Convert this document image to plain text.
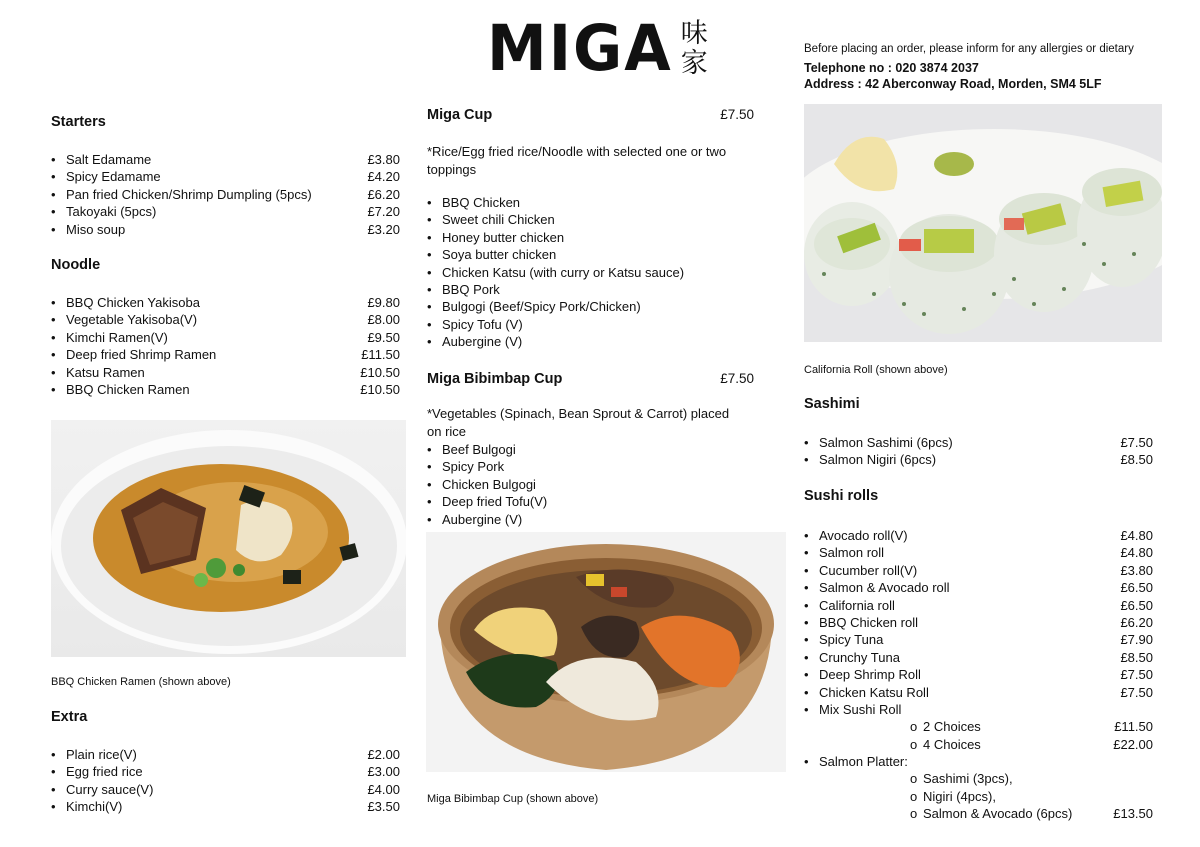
MIGA 味
家	Before placing an order, please inform for any allergies or dietary
Telephone no : 020 3874 2037
Address : 42 Aberconway Road, Morden, SM4 5LF
Starters
• Salt Edamame	£3.80
• Spicy Edamame	£4.20
• Pan fried Chicken/Shrimp Dumpling (5pcs)	£6.20
• Takoyaki (5pcs)	£7.20
• Miso soup	£3.20
Noodle
• BBQ Chicken Yakisoba	£9.80
• Vegetable Yakisoba(V)	£8.00
• Kimchi Ramen(V)	£9.50
• Deep fried Shrimp Ramen	£11.50
• Katsu Ramen	£10.50
• BBQ Chicken Ramen	£10.50
BBQ Chicken Ramen (shown above)
Extra
• Plain rice(V)	£2.00
• Egg fried rice	£3.00
• Curry sauce(V)	£4.00
• Kimchi(V)	£3.50
Miga Cup	£7.50
*Rice/Egg fried rice/Noodle with selected one or two toppings
• BBQ Chicken
• Sweet chili Chicken
• Honey butter chicken
• Soya butter chicken
• Chicken Katsu (with curry or Katsu sauce)
• BBQ Pork
• Bulgogi (Beef/Spicy Pork/Chicken)
• Spicy Tofu (V)
• Aubergine (V)
Miga Bibimbap Cup	£7.50
*Vegetables (Spinach, Bean Sprout & Carrot) placed on rice
• Beef Bulgogi
• Spicy Pork
• Chicken Bulgogi
• Deep fried Tofu(V)
• Aubergine (V)
Miga Bibimbap Cup (shown above)
California Roll (shown above)
Sashimi
• Salmon Sashimi (6pcs)	£7.50
• Salmon Nigiri (6pcs)	£8.50
Sushi rolls
• Avocado roll(V)	£4.80
• Salmon roll	£4.80
• Cucumber roll(V)	£3.80
• Salmon & Avocado roll	£6.50
• California roll	£6.50
• BBQ Chicken roll	£6.20
• Spicy Tuna	£7.90
• Crunchy Tuna	£8.50
• Deep Shrimp Roll	£7.50
• Chicken Katsu Roll	£7.50
• Mix Sushi Roll
o 2 Choices	£11.50
o 4 Choices	£22.00
• Salmon Platter:
o Sashimi (3pcs),
o Nigiri (4pcs),
o Salmon & Avocado (6pcs)	£13.50
